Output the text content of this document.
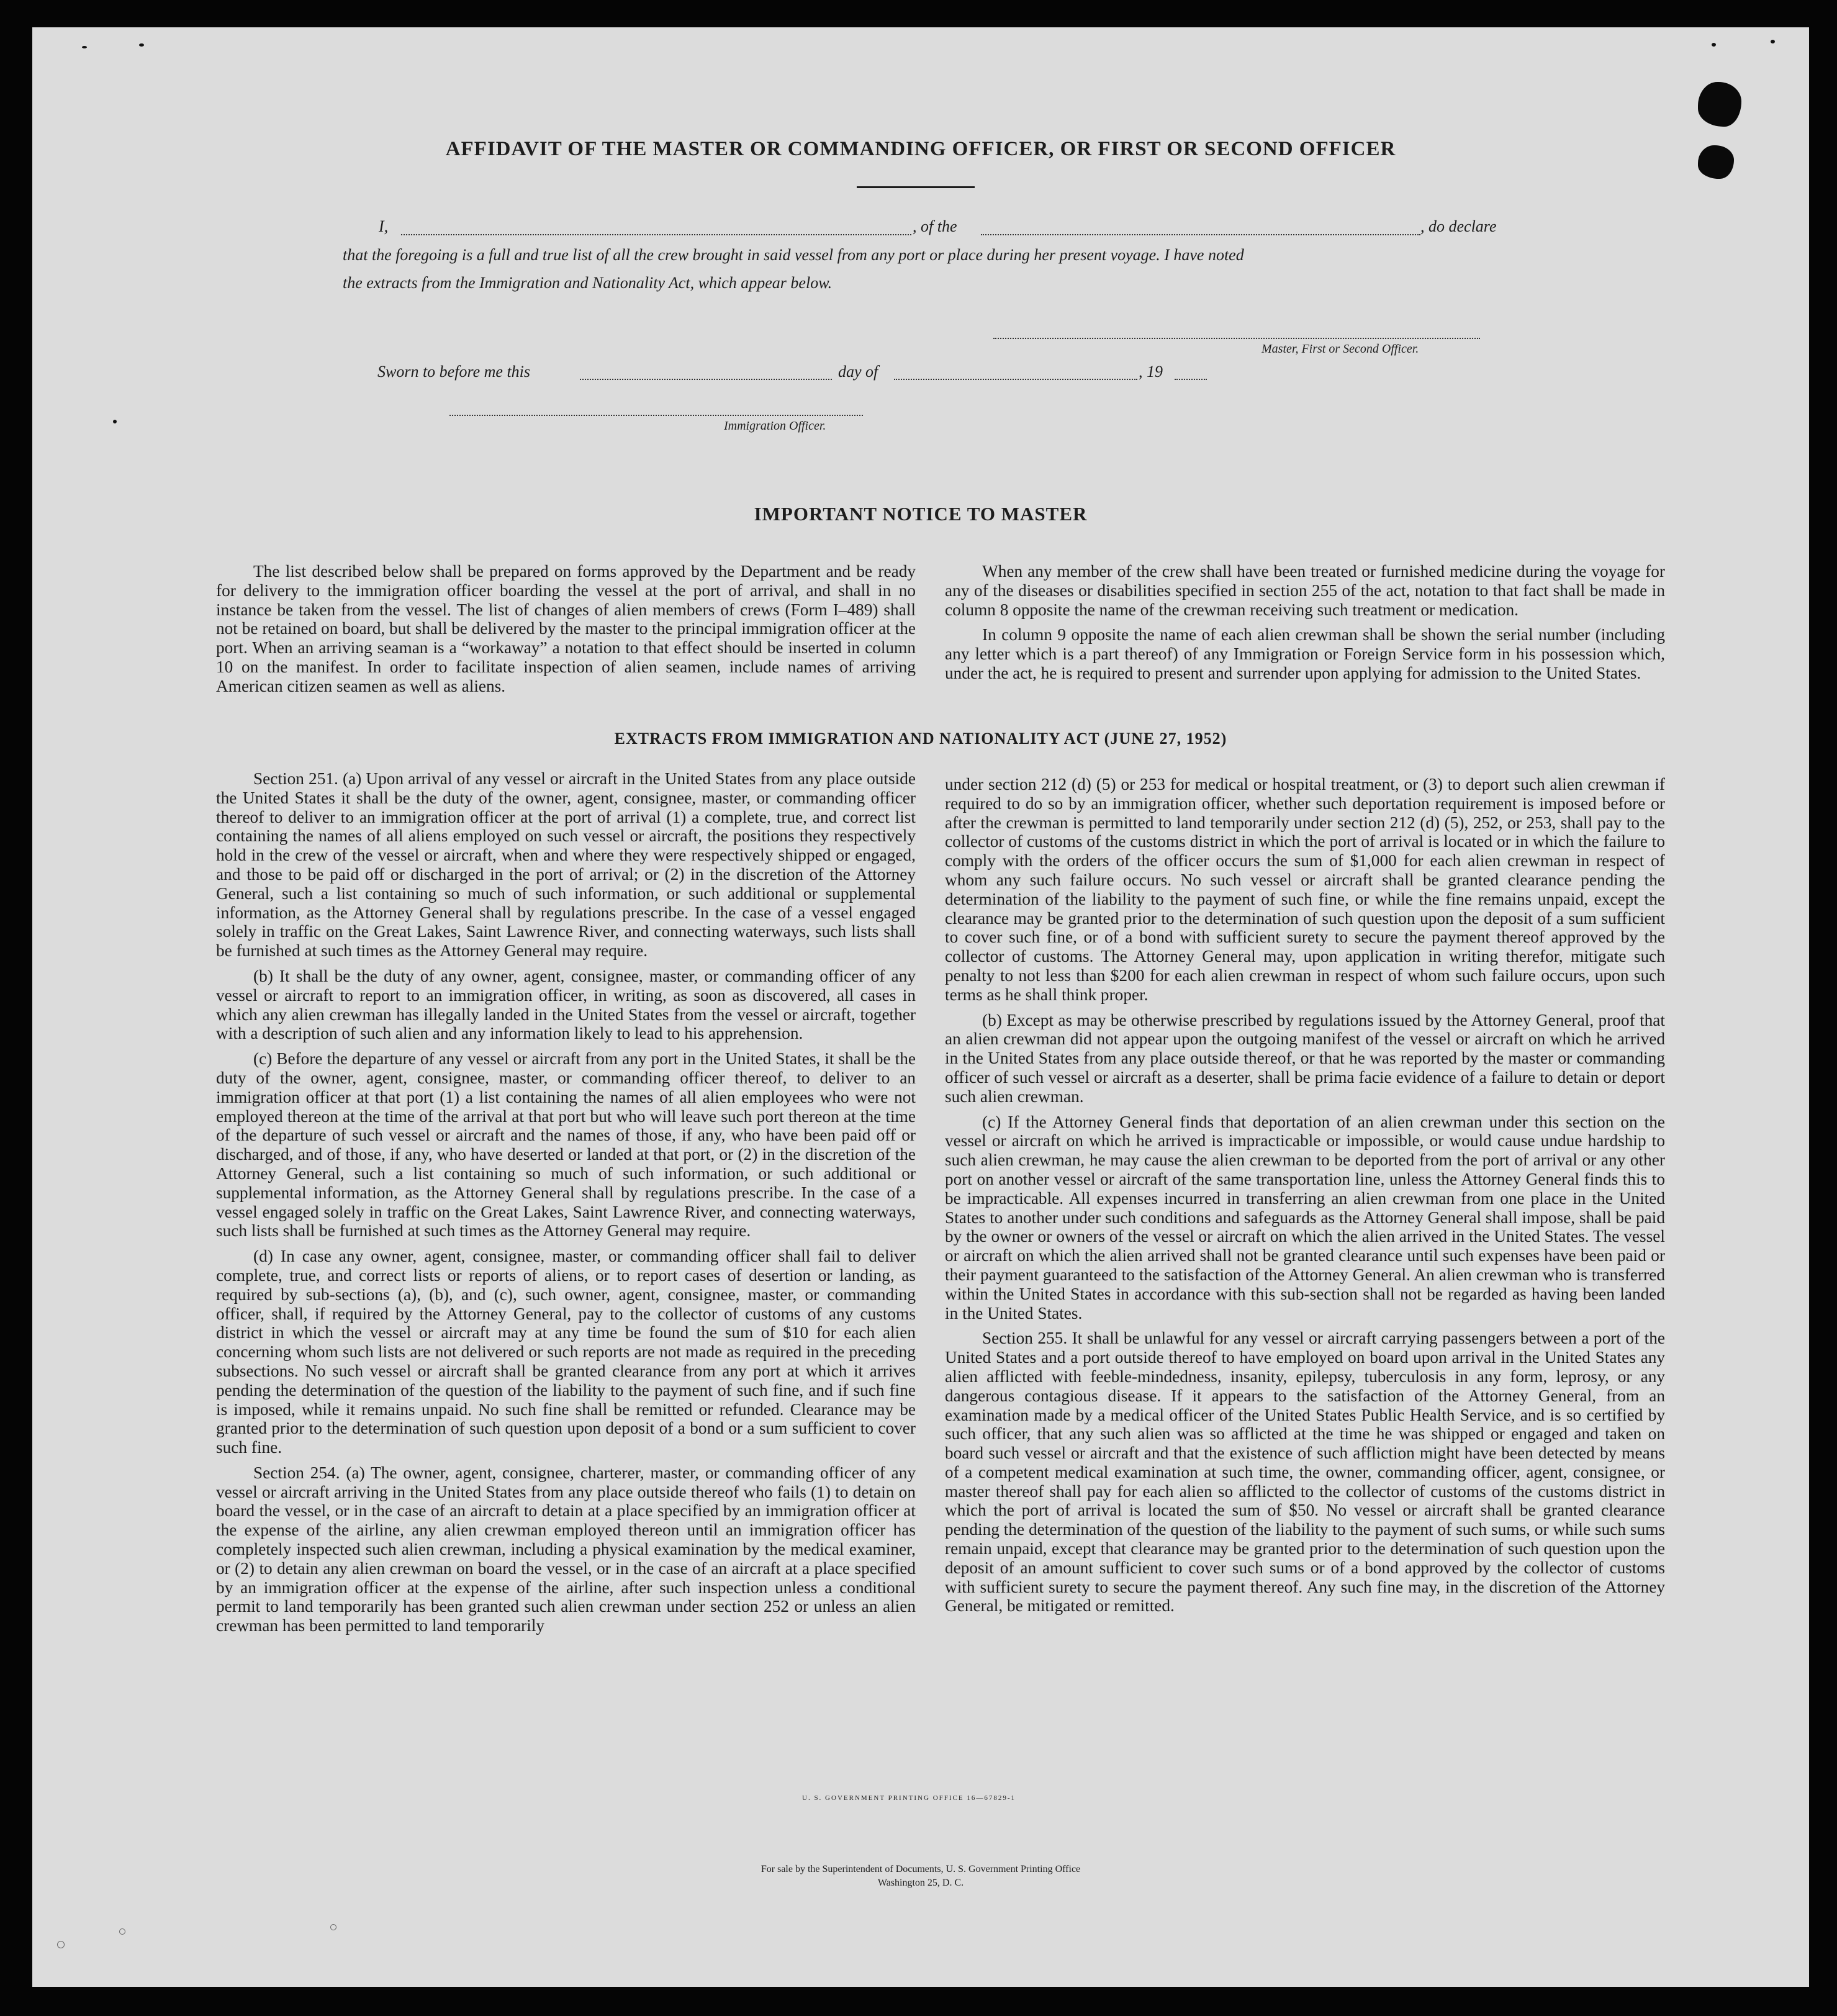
AFFIDAVIT OF THE MASTER OR COMMANDING OFFICER, OR FIRST OR SECOND OFFICER
I,	, of the	, do declare
that the foregoing is a full and true list of all the crew brought in said vessel from any port or place during her present voyage. I have noted
the extracts from the Immigration and Nationality Act, which appear below.
Master, First or Second Officer.
Sworn to before me this	day of	, 19
Immigration Officer.
IMPORTANT NOTICE TO MASTER

The list described below shall be prepared on forms approved by the Department and be ready for delivery to the immigration officer boarding the vessel at the port of arrival, and shall in no instance be taken from the vessel. The list of changes of alien members of crews (Form I–489) shall not be retained on board, but shall be delivered by the master to the principal immigration officer at the port. When an arriving seaman is a “workaway” a notation to that effect should be inserted in column 10 on the manifest. In order to facilitate inspection of alien seamen, include names of arriving American citizen seamen as well as aliens.

When any member of the crew shall have been treated or furnished medicine during the voyage for any of the diseases or disabilities specified in section 255 of the act, notation to that fact shall be made in column 8 opposite the name of the crewman receiving such treatment or medication.

In column 9 opposite the name of each alien crewman shall be shown the serial number (including any letter which is a part thereof) of any Immigration or Foreign Service form in his possession which, under the act, he is required to present and surrender upon applying for admission to the United States.

EXTRACTS FROM IMMIGRATION AND NATIONALITY ACT (JUNE 27, 1952)

Section 251. (a) Upon arrival of any vessel or aircraft in the United States from any place outside the United States it shall be the duty of the owner, agent, consignee, master, or commanding officer thereof to deliver to an immigration officer at the port of arrival (1) a complete, true, and correct list containing the names of all aliens employed on such vessel or aircraft, the positions they respectively hold in the crew of the vessel or aircraft, when and where they were respectively shipped or engaged, and those to be paid off or discharged in the port of arrival; or (2) in the discretion of the Attorney General, such a list containing so much of such information, or such additional or supplemental information, as the Attorney General shall by regulations prescribe. In the case of a vessel engaged solely in traffic on the Great Lakes, Saint Lawrence River, and connecting waterways, such lists shall be furnished at such times as the Attorney General may require.

(b) It shall be the duty of any owner, agent, consignee, master, or commanding officer of any vessel or aircraft to report to an immigration officer, in writing, as soon as discovered, all cases in which any alien crewman has illegally landed in the United States from the vessel or aircraft, together with a description of such alien and any information likely to lead to his apprehension.

(c) Before the departure of any vessel or aircraft from any port in the United States, it shall be the duty of the owner, agent, consignee, master, or commanding officer thereof, to deliver to an immigration officer at that port (1) a list containing the names of all alien employees who were not employed thereon at the time of the arrival at that port but who will leave such port thereon at the time of the departure of such vessel or aircraft and the names of those, if any, who have been paid off or discharged, and of those, if any, who have deserted or landed at that port, or (2) in the discretion of the Attorney General, such a list containing so much of such information, or such additional or supplemental information, as the Attorney General shall by regulations prescribe. In the case of a vessel engaged solely in traffic on the Great Lakes, Saint Lawrence River, and connecting waterways, such lists shall be furnished at such times as the Attorney General may require.

(d) In case any owner, agent, consignee, master, or commanding officer shall fail to deliver complete, true, and correct lists or reports of aliens, or to report cases of desertion or landing, as required by sub-sections (a), (b), and (c), such owner, agent, consignee, master, or commanding officer, shall, if required by the Attorney General, pay to the collector of customs of any customs district in which the vessel or aircraft may at any time be found the sum of $10 for each alien concerning whom such lists are not delivered or such reports are not made as required in the preceding subsections. No such vessel or aircraft shall be granted clearance from any port at which it arrives pending the determination of the question of the liability to the payment of such fine, and if such fine is imposed, while it remains unpaid. No such fine shall be remitted or refunded. Clearance may be granted prior to the determination of such question upon deposit of a bond or a sum sufficient to cover such fine.

Section 254. (a) The owner, agent, consignee, charterer, master, or commanding officer of any vessel or aircraft arriving in the United States from any place outside thereof who fails (1) to detain on board the vessel, or in the case of an aircraft to detain at a place specified by an immigration officer at the expense of the airline, any alien crewman employed thereon until an immigration officer has completely inspected such alien crewman, including a physical examination by the medical examiner, or (2) to detain any alien crewman on board the vessel, or in the case of an aircraft at a place specified by an immigration officer at the expense of the airline, after such inspection unless a conditional permit to land temporarily has been granted such alien crewman under section 252 or unless an alien crewman has been permitted to land temporarily

under section 212 (d) (5) or 253 for medical or hospital treatment, or (3) to deport such alien crewman if required to do so by an immigration officer, whether such deportation requirement is imposed before or after the crewman is permitted to land temporarily under section 212 (d) (5), 252, or 253, shall pay to the collector of customs of the customs district in which the port of arrival is located or in which the failure to comply with the orders of the officer occurs the sum of $1,000 for each alien crewman in respect of whom any such failure occurs. No such vessel or aircraft shall be granted clearance pending the determination of the liability to the payment of such fine, or while the fine remains unpaid, except the clearance may be granted prior to the determination of such question upon the deposit of a sum sufficient to cover such fine, or of a bond with sufficient surety to secure the payment thereof approved by the collector of customs. The Attorney General may, upon application in writing therefor, mitigate such penalty to not less than $200 for each alien crewman in respect of whom such failure occurs, upon such terms as he shall think proper.

(b) Except as may be otherwise prescribed by regulations issued by the Attorney General, proof that an alien crewman did not appear upon the outgoing manifest of the vessel or aircraft on which he arrived in the United States from any place outside thereof, or that he was reported by the master or commanding officer of such vessel or aircraft as a deserter, shall be prima facie evidence of a failure to detain or deport such alien crewman.

(c) If the Attorney General finds that deportation of an alien crewman under this section on the vessel or aircraft on which he arrived is impracticable or impossible, or would cause undue hardship to such alien crewman, he may cause the alien crewman to be deported from the port of arrival or any other port on another vessel or aircraft of the same transportation line, unless the Attorney General finds this to be impracticable. All expenses incurred in transferring an alien crewman from one place in the United States to another under such conditions and safeguards as the Attorney General shall impose, shall be paid by the owner or owners of the vessel or aircraft on which the alien arrived in the United States. The vessel or aircraft on which the alien arrived shall not be granted clearance until such expenses have been paid or their payment guaranteed to the satisfaction of the Attorney General. An alien crewman who is transferred within the United States in accordance with this sub-section shall not be regarded as having been landed in the United States.

Section 255. It shall be unlawful for any vessel or aircraft carrying passengers between a port of the United States and a port outside thereof to have employed on board upon arrival in the United States any alien afflicted with feeble-mindedness, insanity, epilepsy, tuberculosis in any form, leprosy, or any dangerous contagious disease. If it appears to the satisfaction of the Attorney General, from an examination made by a medical officer of the United States Public Health Service, and is so certified by such officer, that any such alien was so afflicted at the time he was shipped or engaged and taken on board such vessel or aircraft and that the existence of such affliction might have been detected by means of a competent medical examination at such time, the owner, commanding officer, agent, consignee, or master thereof shall pay for each alien so afflicted to the collector of customs of the customs district in which the port of arrival is located the sum of $50. No vessel or aircraft shall be granted clearance pending the determination of the question of the liability to the payment of such sums, or while such sums remain unpaid, except that clearance may be granted prior to the determination of such question upon the deposit of an amount sufficient to cover such sums or of a bond approved by the collector of customs with sufficient surety to secure the payment thereof. Any such fine may, in the discretion of the Attorney General, be mitigated or remitted.

U. S. GOVERNMENT PRINTING OFFICE 16—67829-1
For sale by the Superintendent of Documents, U. S. Government Printing Office
Washington 25, D. C.
